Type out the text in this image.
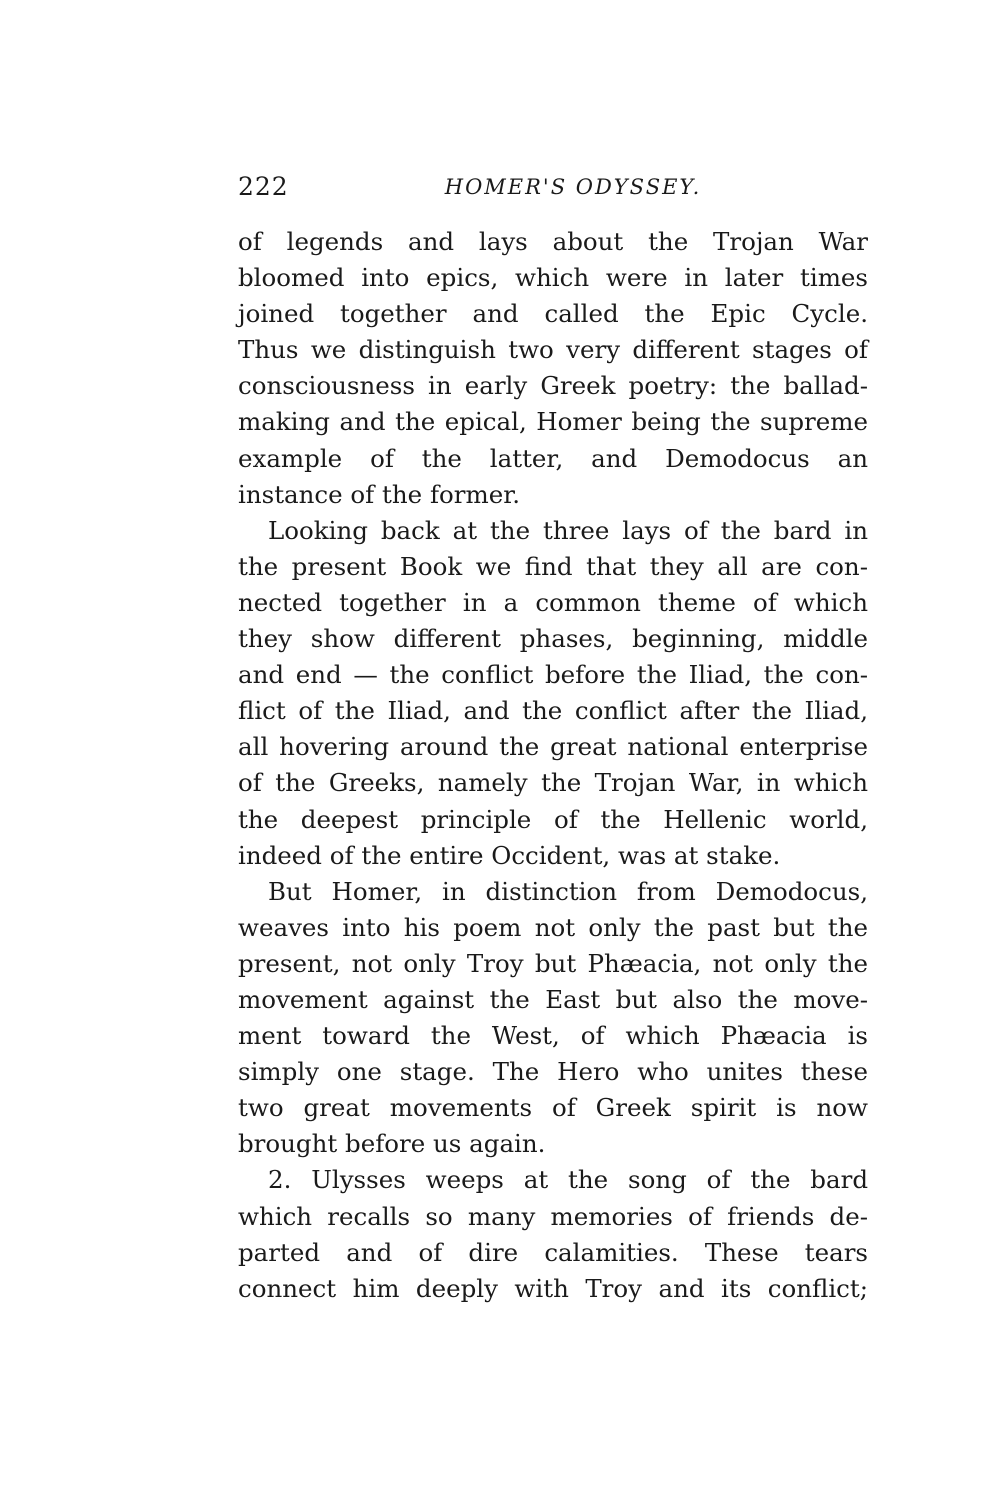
222	HOMER'S ODYSSEY.
of legends and lays about the Trojan War
bloomed into epics, which were in later times
joined together and called the Epic Cycle.
Thus we distinguish two very different stages of
consciousness in early Greek poetry: the ballad-
making and the epical, Homer being the supreme
example of the latter, and Demodocus an
instance of the former.
Looking back at the three lays of the bard in
the present Book we find that they all are con-
nected together in a common theme of which
they show different phases, beginning, middle
and end — the conflict before the Iliad, the con-
flict of the Iliad, and the conflict after the Iliad,
all hovering around the great national enterprise
of the Greeks, namely the Trojan War, in which
the deepest principle of the Hellenic world,
indeed of the entire Occident, was at stake.
But Homer, in distinction from Demodocus,
weaves into his poem not only the past but the
present, not only Troy but Phæacia, not only the
movement against the East but also the move-
ment toward the West, of which Phæacia is
simply one stage. The Hero who unites these
two great movements of Greek spirit is now
brought before us again.
2. Ulysses weeps at the song of the bard
which recalls so many memories of friends de-
parted and of dire calamities. These tears
connect him deeply with Troy and its conflict;
